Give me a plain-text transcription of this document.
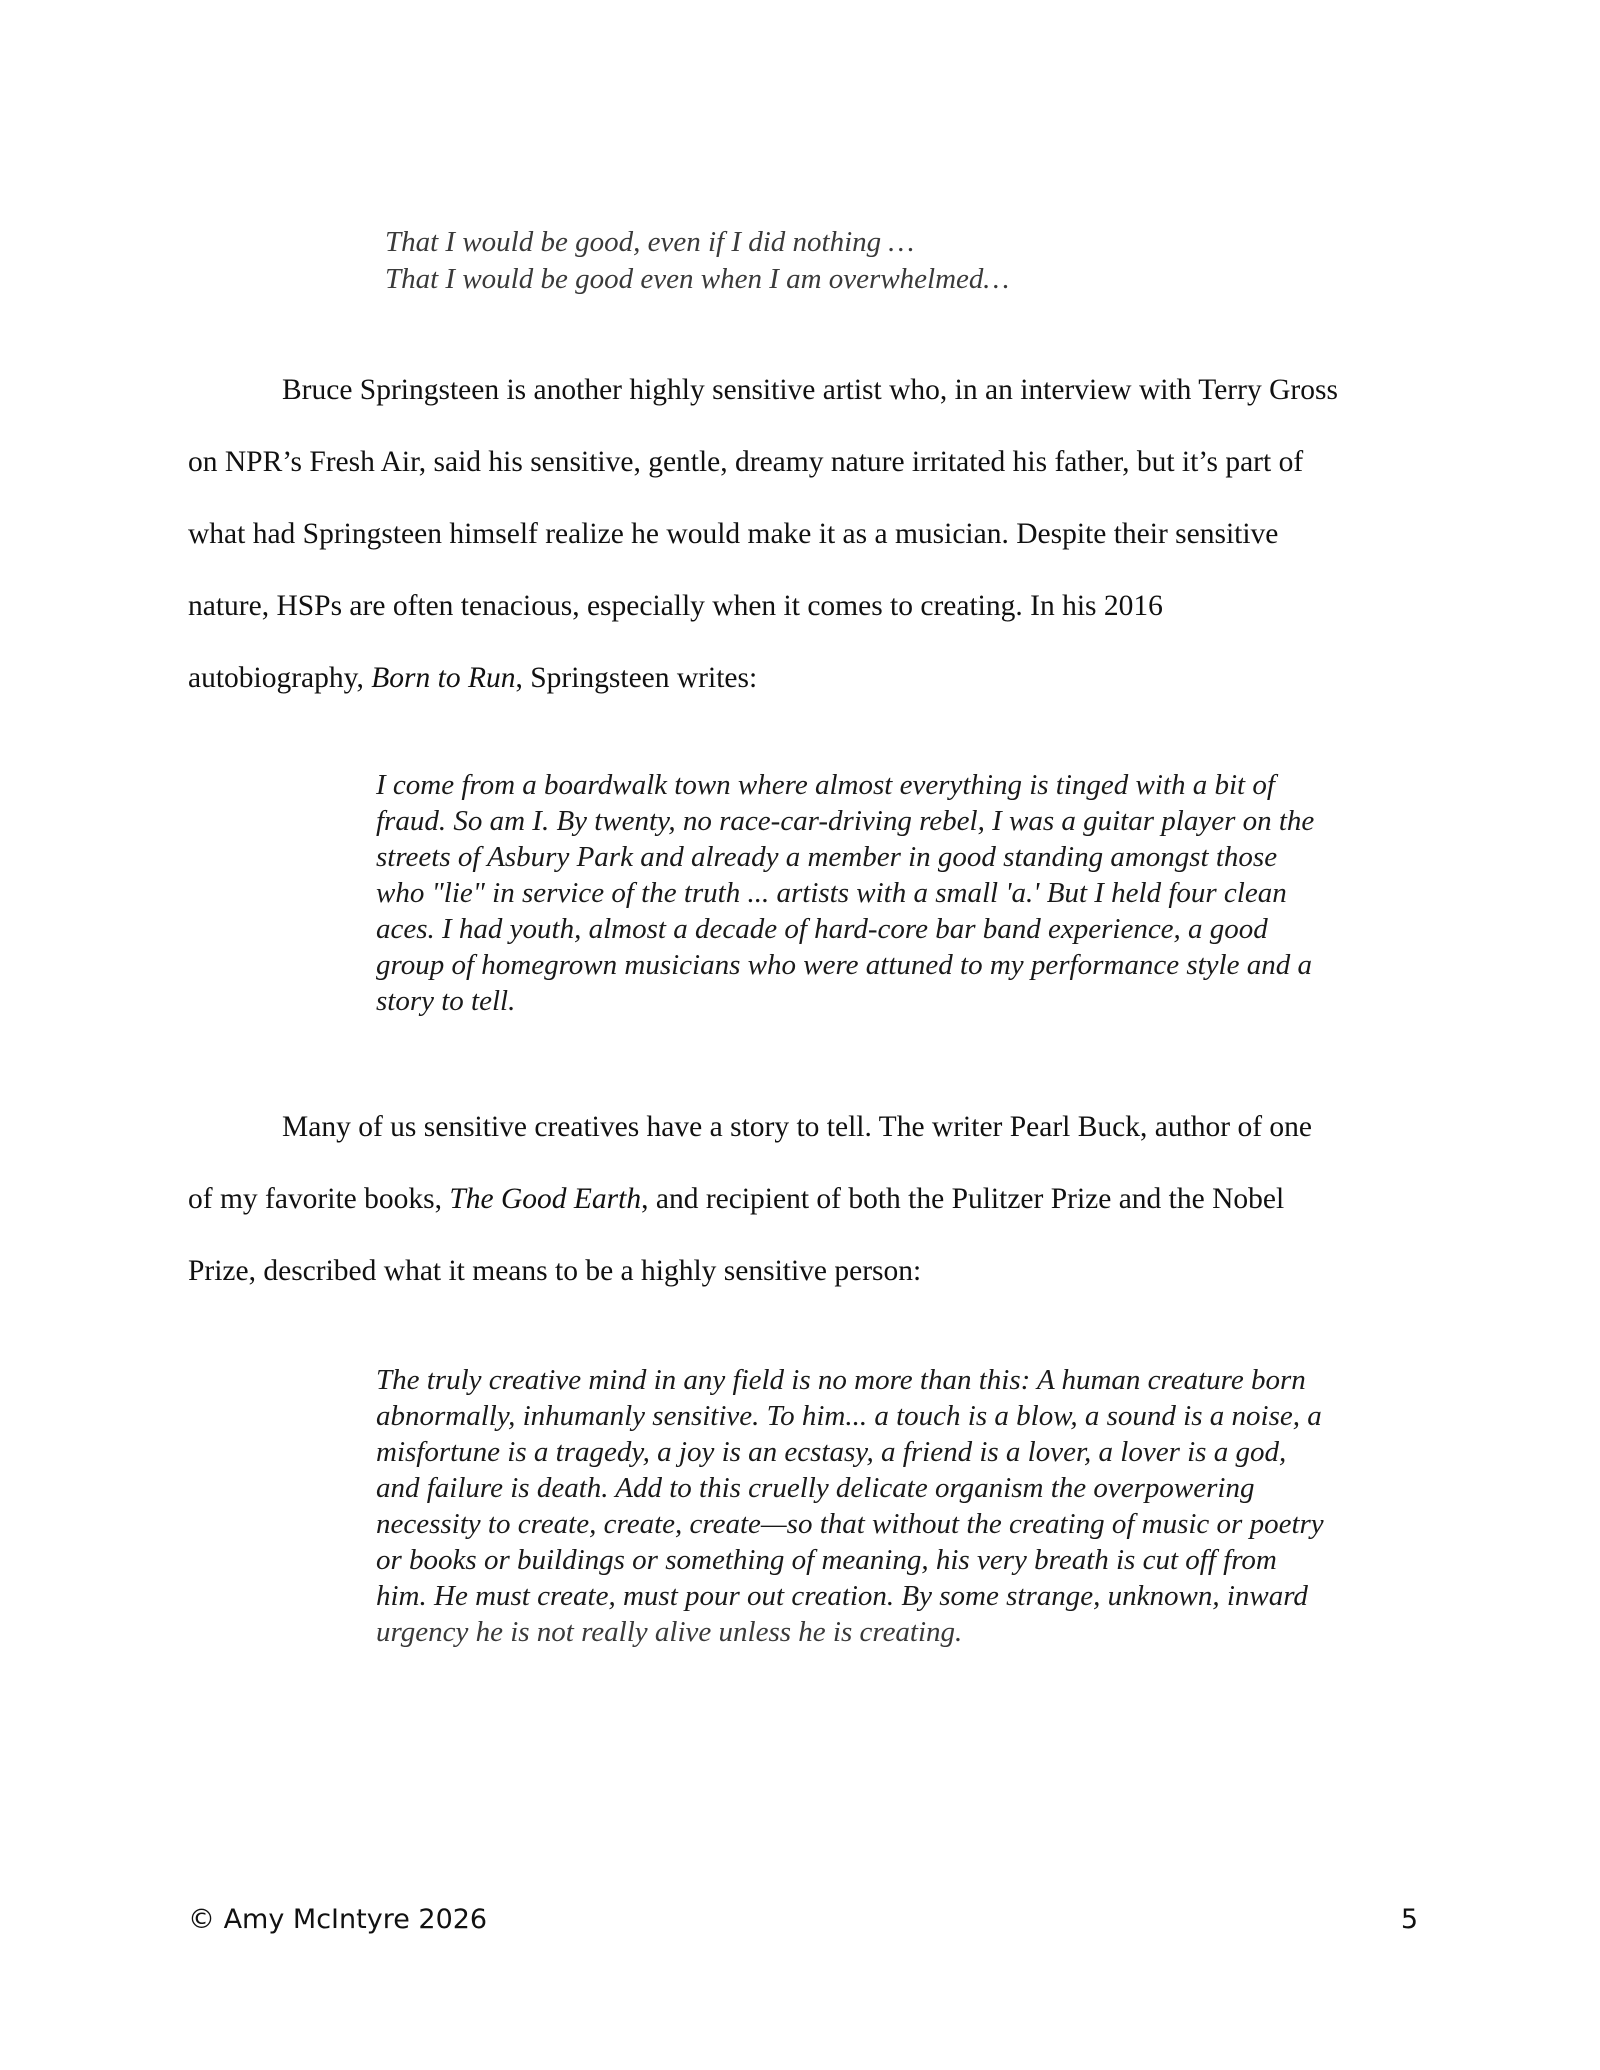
That I would be good, even if I did nothing …
That I would be good even when I am overwhelmed…
Bruce Springsteen is another highly sensitive artist who, in an interview with Terry Gross
on NPR’s Fresh Air, said his sensitive, gentle, dreamy nature irritated his father, but it’s part of
what had Springsteen himself realize he would make it as a musician. Despite their sensitive
nature, HSPs are often tenacious, especially when it comes to creating. In his 2016
autobiography, Born to Run, Springsteen writes:
I come from a boardwalk town where almost everything is tinged with a bit of
fraud. So am I. By twenty, no race-car-driving rebel, I was a guitar player on the
streets of Asbury Park and already a member in good standing amongst those
who "lie" in service of the truth ... artists with a small 'a.' But I held four clean
aces. I had youth, almost a decade of hard-core bar band experience, a good
group of homegrown musicians who were attuned to my performance style and a
story to tell.
Many of us sensitive creatives have a story to tell. The writer Pearl Buck, author of one
of my favorite books, The Good Earth, and recipient of both the Pulitzer Prize and the Nobel
Prize, described what it means to be a highly sensitive person:
The truly creative mind in any field is no more than this: A human creature born
abnormally, inhumanly sensitive. To him... a touch is a blow, a sound is a noise, a
misfortune is a tragedy, a joy is an ecstasy, a friend is a lover, a lover is a god,
and failure is death. Add to this cruelly delicate organism the overpowering
necessity to create, create, create—so that without the creating of music or poetry
or books or buildings or something of meaning, his very breath is cut off from
him. He must create, must pour out creation. By some strange, unknown, inward
urgency he is not really alive unless he is creating.
© Amy McIntyre 2026	5
